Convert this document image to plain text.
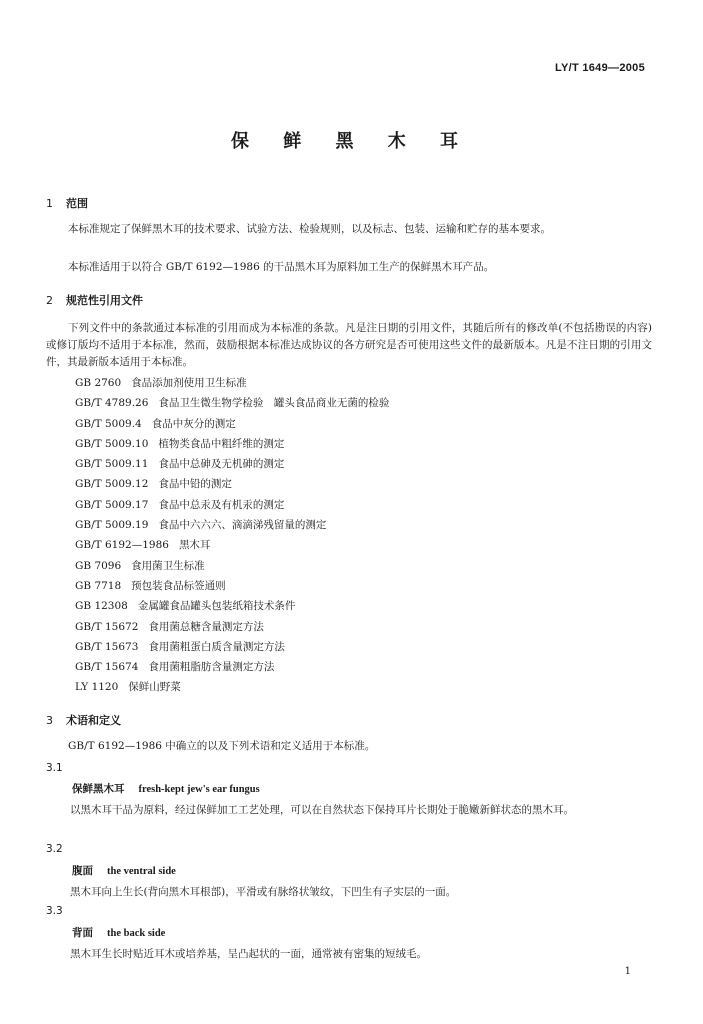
LY/T 1649—2005
保 鲜 黑 木 耳
1 范围
本标准规定了保鲜黑木耳的技术要求、试验方法、检验规则，以及标志、包装、运输和贮存的基本要求。
本标准适用于以符合 GB/T 6192—1986 的干品黑木耳为原料加工生产的保鲜黑木耳产品。
2 规范性引用文件
下列文件中的条款通过本标准的引用而成为本标准的条款。凡是注日期的引用文件，其随后所有的修改单(不包括勘误的内容)或修订版均不适用于本标准，然而，鼓励根据本标准达成协议的各方研究是否可使用这些文件的最新版本。凡是不注日期的引用文件，其最新版本适用于本标准。
GB 2760 食品添加剂使用卫生标准
GB/T 4789.26 食品卫生微生物学检验　罐头食品商业无菌的检验
GB/T 5009.4 食品中灰分的测定
GB/T 5009.10 植物类食品中粗纤维的测定
GB/T 5009.11 食品中总砷及无机砷的测定
GB/T 5009.12 食品中铅的测定
GB/T 5009.17 食品中总汞及有机汞的测定
GB/T 5009.19 食品中六六六、滴滴涕残留量的测定
GB/T 6192—1986 黑木耳
GB 7096 食用菌卫生标准
GB 7718 预包装食品标签通则
GB 12308 金属罐食品罐头包装纸箱技术条件
GB/T 15672 食用菌总糖含量测定方法
GB/T 15673 食用菌粗蛋白质含量测定方法
GB/T 15674 食用菌粗脂肪含量测定方法
LY 1120 保鲜山野菜
3 术语和定义
GB/T 6192—1986 中确立的以及下列术语和定义适用于本标准。
3.1
保鲜黑木耳 fresh-kept jew's ear fungus
以黑木耳干品为原料，经过保鲜加工工艺处理，可以在自然状态下保持耳片长期处于脆嫩新鲜状态的黑木耳。
3.2
腹面 the ventral side
黑木耳向上生长(背向黑木耳根部)，平滑或有脉络状皱纹，下凹生有子实层的一面。
3.3
背面 the back side
黑木耳生长时贴近耳木或培养基，呈凸起状的一面，通常被有密集的短绒毛。
1
